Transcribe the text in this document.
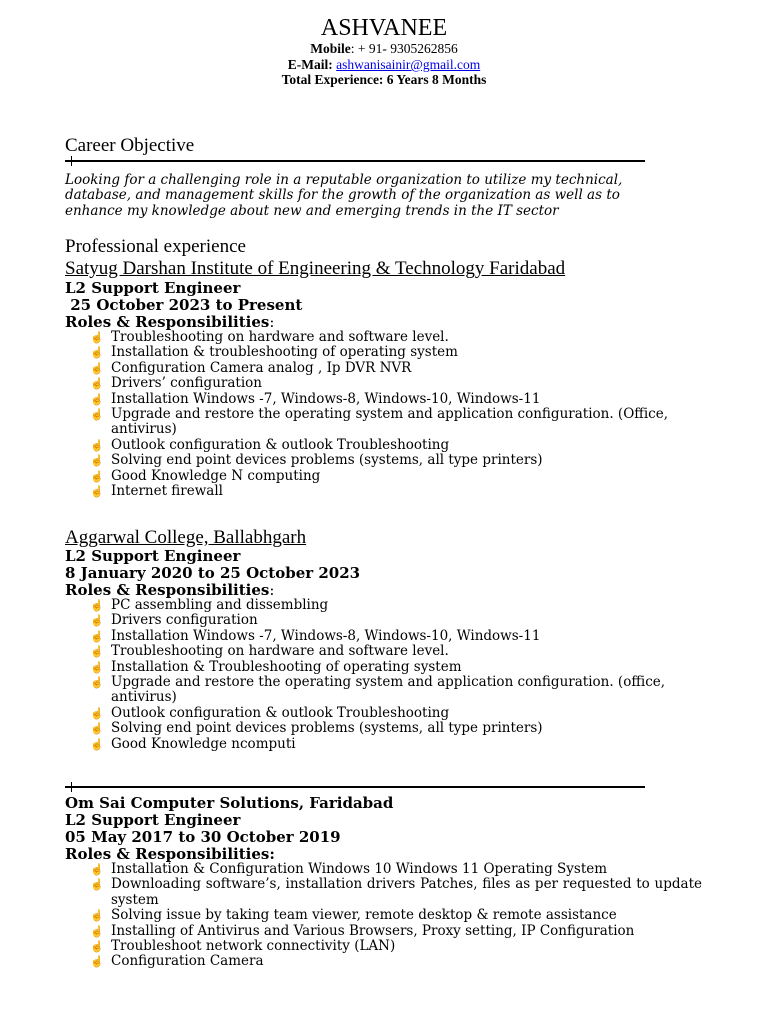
ASHVANEE
Mobile: + 91- 9305262856
E-Mail: ashwanisainir@gmail.com
Total Experience: 6 Years 8 Months
Career Objective
Looking for a challenging role in a reputable organization to utilize my technical, database, and management skills for the growth of the organization as well as to enhance my knowledge about new and emerging trends in the IT sector
Professional experience
Satyug Darshan Institute of Engineering & Technology Faridabad
L2 Support Engineer
25 October 2023 to Present
Roles & Responsibilities:
☝ Troubleshooting on hardware and software level.
☝ Installation & troubleshooting of operating system
☝ Configuration Camera analog , Ip DVR NVR
☝ Drivers’ configuration
☝ Installation Windows -7, Windows-8, Windows-10, Windows-11
☝ Upgrade and restore the operating system and application configuration. (Office, antivirus)
☝ Outlook configuration & outlook Troubleshooting
☝ Solving end point devices problems (systems, all type printers)
☝ Good Knowledge N computing
☝ Internet firewall
Aggarwal College, Ballabhgarh
L2 Support Engineer
8 January 2020 to 25 October 2023
Roles & Responsibilities:
☝ PC assembling and dissembling
☝ Drivers configuration
☝ Installation Windows -7, Windows-8, Windows-10, Windows-11
☝ Troubleshooting on hardware and software level.
☝ Installation & Troubleshooting of operating system
☝ Upgrade and restore the operating system and application configuration. (office, antivirus)
☝ Outlook configuration & outlook Troubleshooting
☝ Solving end point devices problems (systems, all type printers)
☝ Good Knowledge ncomputi
Om Sai Computer Solutions, Faridabad
L2 Support Engineer
05 May 2017 to 30 October 2019
Roles & Responsibilities:
☝ Installation & Configuration Windows 10 Windows 11 Operating System
☝ Downloading software’s, installation drivers Patches, files as per requested to update system
☝ Solving issue by taking team viewer, remote desktop & remote assistance
☝ Installing of Antivirus and Various Browsers, Proxy setting, IP Configuration
☝ Troubleshoot network connectivity (LAN)
☝ Configuration Camera
